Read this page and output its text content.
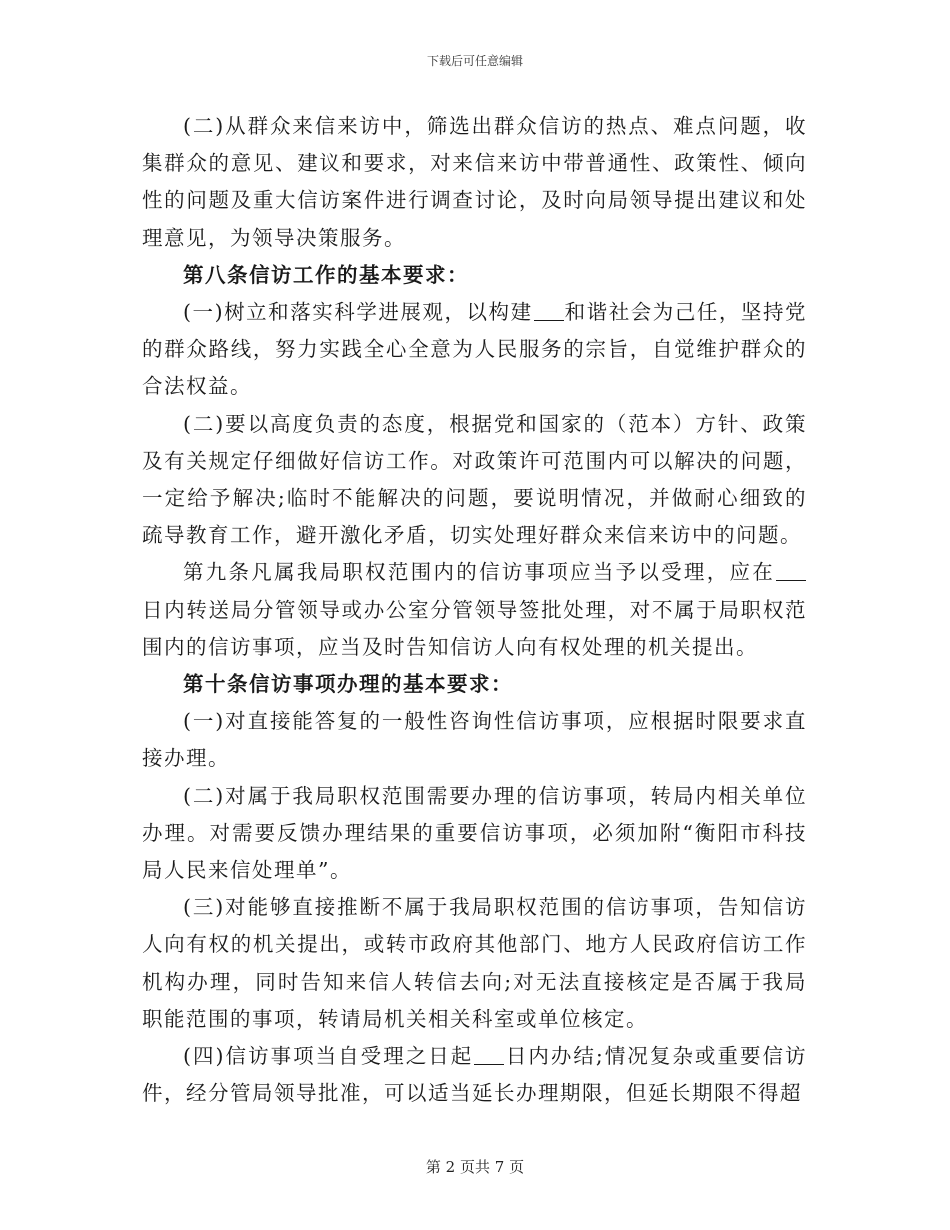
下载后可任意编辑

(二)从群众来信来访中，筛选出群众信访的热点、难点问题，收集群众的意见、建议和要求，对来信来访中带普通性、政策性、倾向性的问题及重大信访案件进行调查讨论，及时向局领导提出建议和处理意见，为领导决策服务。

第八条信访工作的基本要求：

(一)树立和落实科学进展观，以构建 和谐社会为己任，坚持党的群众路线，努力实践全心全意为人民服务的宗旨，自觉维护群众的合法权益。

(二)要以高度负责的态度，根据党和国家的（范本）方针、政策及有关规定仔细做好信访工作。对政策许可范围内可以解决的问题，一定给予解决;临时不能解决的问题，要说明情况，并做耐心细致的疏导教育工作，避开激化矛盾，切实处理好群众来信来访中的问题。

第九条凡属我局职权范围内的信访事项应当予以受理，应在日内转送局分管领导或办公室分管领导签批处理，对不属于局职权范围内的信访事项，应当及时告知信访人向有权处理的机关提出。

第十条信访事项办理的基本要求：

(一)对直接能答复的一般性咨询性信访事项，应根据时限要求直接办理。

(二)对属于我局职权范围需要办理的信访事项，转局内相关单位办理。对需要反馈办理结果的重要信访事项，必须加附“衡阳市科技局人民来信处理单”。

(三)对能够直接推断不属于我局职权范围的信访事项，告知信访人向有权的机关提出，或转市政府其他部门、地方人民政府信访工作机构办理，同时告知来信人转信去向;对无法直接核定是否属于我局职能范围的事项，转请局机关相关科室或单位核定。

(四)信访事项当自受理之日起 日内办结;情况复杂或重要信访件，经分管局领导批准，可以适当延长办理期限，但延长期限不得超

第 2 页共 7 页
